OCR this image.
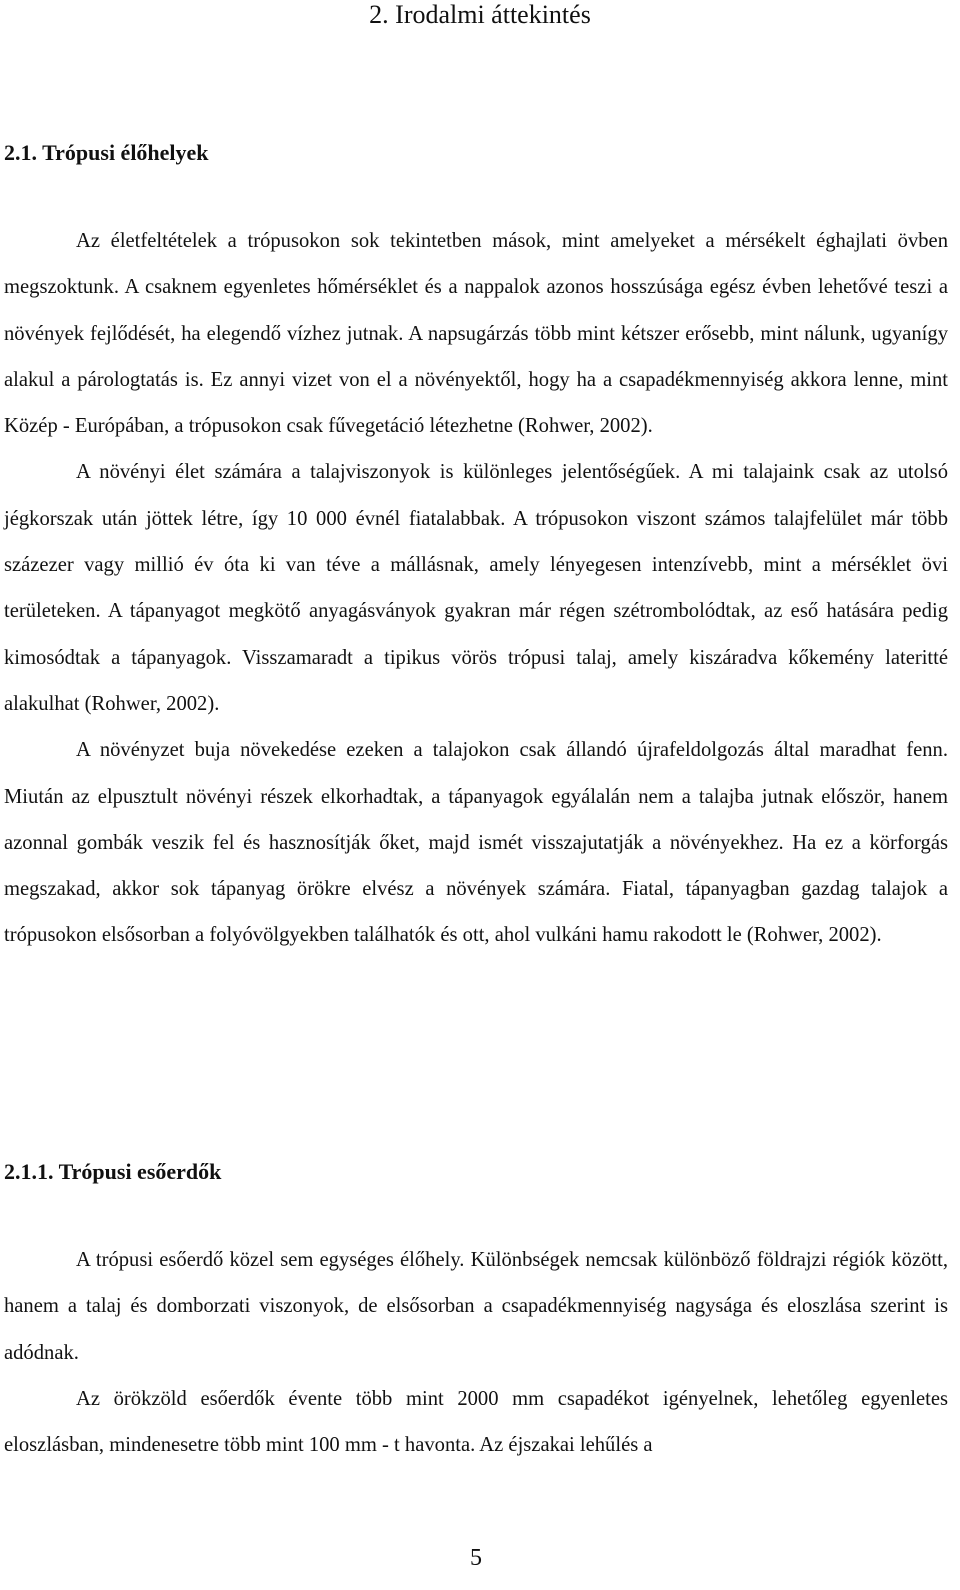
2. Irodalmi áttekintés
2.1. Trópusi élőhelyek

Az életfeltételek a trópusokon sok tekintetben mások, mint amelyeket a mérsékelt éghajlati övben megszoktunk. A csaknem egyenletes hőmérséklet és a nappalok azonos hosszúsága egész évben lehetővé teszi a növények fejlődését, ha elegendő vízhez jutnak. A napsugárzás több mint kétszer erősebb, mint nálunk, ugyanígy alakul a párologtatás is. Ez annyi vizet von el a növényektől, hogy ha a csapadékmennyiség akkora lenne, mint Közép - Európában, a trópusokon csak fűvegetáció létezhetne (Rohwer, 2002).

A növényi élet számára a talajviszonyok is különleges jelentőségűek. A mi talajaink csak az utolsó jégkorszak után jöttek létre, így 10 000 évnél fiatalabbak. A trópusokon viszont számos talajfelület már több százezer vagy millió év óta ki van téve a mállásnak, amely lényegesen intenzívebb, mint a mérséklet övi területeken. A tápanyagot megkötő anyagásványok gyakran már régen szétrombolódtak, az eső hatására pedig kimosódtak a tápanyagok. Visszamaradt a tipikus vörös trópusi talaj, amely kiszáradva kőkemény lateritté alakulhat (Rohwer, 2002).

A növényzet buja növekedése ezeken a talajokon csak állandó újrafeldolgozás által maradhat fenn. Miután az elpusztult növényi részek elkorhadtak, a tápanyagok egyálalán nem a talajba jutnak először, hanem azonnal gombák veszik fel és hasznosítják őket, majd ismét visszajutatják a növényekhez. Ha ez a körforgás megszakad, akkor sok tápanyag örökre elvész a növények számára. Fiatal, tápanyagban gazdag talajok a trópusokon elsősorban a folyóvölgyekben találhatók és ott, ahol vulkáni hamu rakodott le (Rohwer, 2002).

2.1.1. Trópusi esőerdők

A trópusi esőerdő közel sem egységes élőhely. Különbségek nemcsak különböző földrajzi régiók között, hanem a talaj és domborzati viszonyok, de elsősorban a csapadékmennyiség nagysága és eloszlása szerint is adódnak.

Az örökzöld esőerdők évente több mint 2000 mm csapadékot igényelnek, lehetőleg egyenletes eloszlásban, mindenesetre több mint 100 mm - t havonta. Az éjszakai lehűlés a

5
